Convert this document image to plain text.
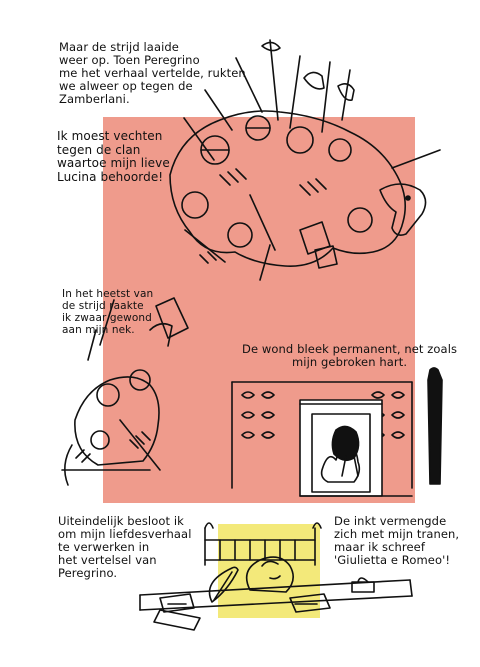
Maar de strijd laaide
weer op. Toen Peregrino
me het verhaal vertelde, rukten
we alweer op tegen de
Zamberlani.
Ik moest vechten
tegen de clan
waartoe mijn lieve
Lucina behoorde!
In het heetst van
de strijd raakte
ik zwaar gewond
aan mijn nek.
De wond bleek permanent, net zoals
mijn gebroken hart.
Uiteindelijk besloot ik
om mijn liefdesverhaal
te verwerken in
het vertelsel van
Peregrino.
De inkt vermengde
zich met mijn tranen,
maar ik schreef
'Giulietta e Romeo'!
